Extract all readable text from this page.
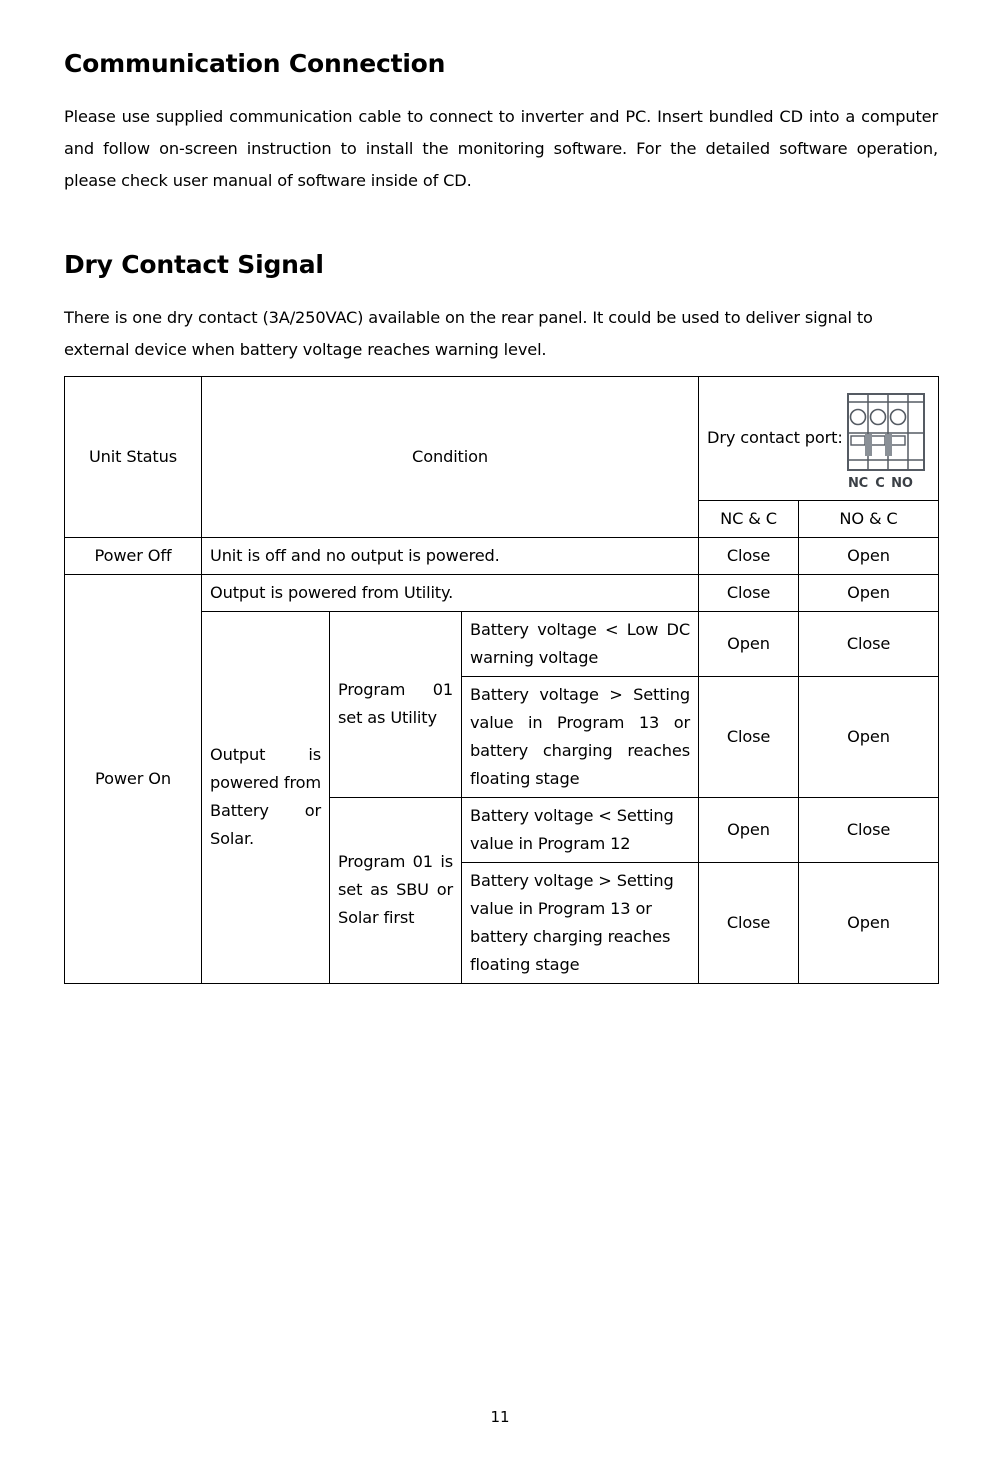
Communication Connection

Please use supplied communication cable to connect to inverter and PC. Insert bundled CD into a computer and follow on-screen instruction to install the monitoring software. For the detailed software operation, please check user manual of software inside of CD.

Dry Contact Signal

There is one dry contact (3A/250VAC) available on the rear panel. It could be used to deliver signal to external device when battery voltage reaches warning level.

Unit Status	Condition			Dry contact port:
NC C NO	

				NC & C	NO & C
Power Off	Unit is off and no output is powered.			Close	Open
Power On	Output is powered from Utility.			Close	Open
	Output is powered from Battery or Solar.	Program 01 set as Utility	Battery voltage < Low DC warning voltage	Open	Close
			Battery voltage > Setting value in Program 13 or battery charging reaches floating stage	Close	Open
		Program 01 is set as SBU or Solar first	Battery voltage < Setting value in Program 12	Open	Close
			Battery voltage > Setting value in Program 13 or battery charging reaches floating stage	Close	Open
11
